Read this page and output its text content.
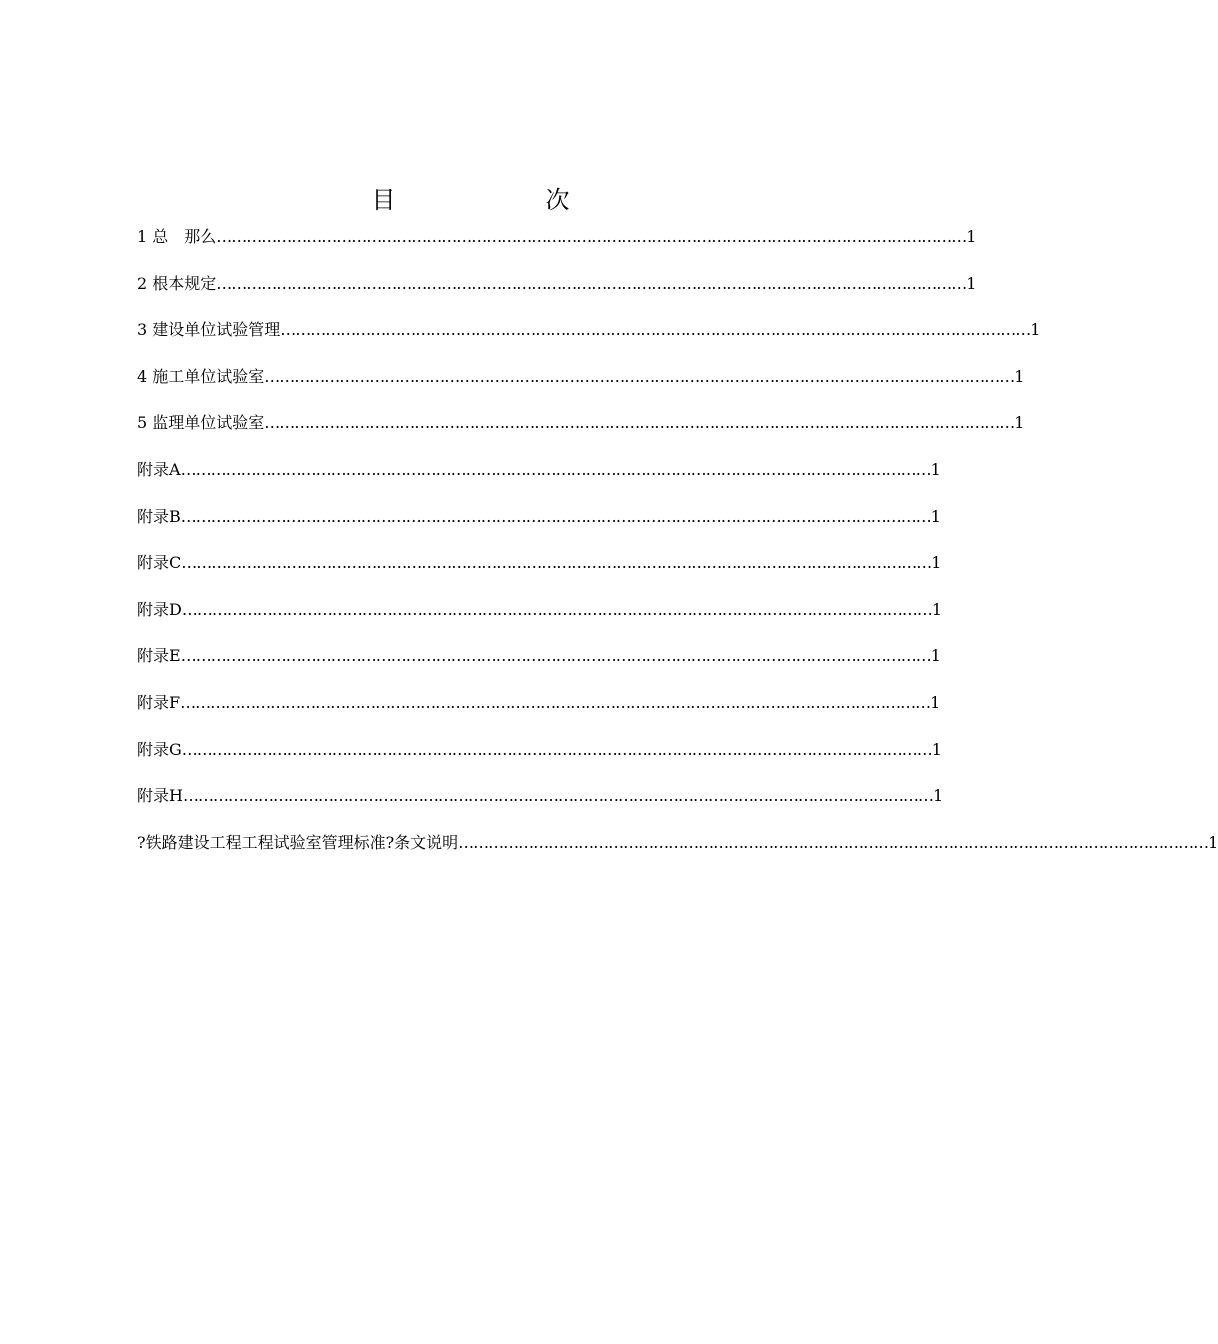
目　　次
1 总　那么 …………………………………………………………………………………………………………………………………… 1
2 根本规定 …………………………………………………………………………………………………………………………………… 1
3 建设单位试验管理 …………………………………………………………………………………………………………………………………… 1
4 施工单位试验室 …………………………………………………………………………………………………………………………………… 1
5 监理单位试验室 …………………………………………………………………………………………………………………………………… 1
附录A …………………………………………………………………………………………………………………………………… 1
附录B …………………………………………………………………………………………………………………………………… 1
附录C …………………………………………………………………………………………………………………………………… 1
附录D …………………………………………………………………………………………………………………………………… 1
附录E …………………………………………………………………………………………………………………………………… 1
附录F …………………………………………………………………………………………………………………………………… 1
附录G …………………………………………………………………………………………………………………………………… 1
附录H …………………………………………………………………………………………………………………………………… 1
?铁路建设工程工程试验室管理标准?条文说明 …………………………………………………………………………………………………………………………………… 1
